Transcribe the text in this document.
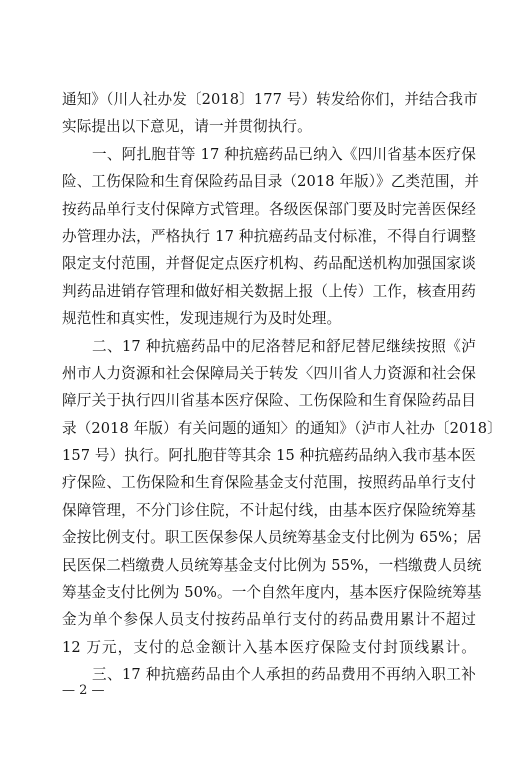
通知》（川人社办发〔2018〕177 号）转发给你们，并结合我市
实际提出以下意见，请一并贯彻执行。
一、阿扎胞苷等 17 种抗癌药品已纳入《四川省基本医疗保
险、工伤保险和生育保险药品目录（2018 年版）》乙类范围，并
按药品单行支付保障方式管理。各级医保部门要及时完善医保经
办管理办法，严格执行 17 种抗癌药品支付标准，不得自行调整
限定支付范围，并督促定点医疗机构、药品配送机构加强国家谈
判药品进销存管理和做好相关数据上报（上传）工作，核查用药
规范性和真实性，发现违规行为及时处理。
二、17 种抗癌药品中的尼洛替尼和舒尼替尼继续按照《泸
州市人力资源和社会保障局关于转发〈四川省人力资源和社会保
障厅关于执行四川省基本医疗保险、工伤保险和生育保险药品目
录（2018 年版）有关问题的通知〉的通知》（泸市人社办〔2018〕
157 号）执行。阿扎胞苷等其余 15 种抗癌药品纳入我市基本医
疗保险、工伤保险和生育保险基金支付范围，按照药品单行支付
保障管理，不分门诊住院，不计起付线，由基本医疗保险统筹基
金按比例支付。职工医保参保人员统筹基金支付比例为 65%；居
民医保二档缴费人员统筹基金支付比例为 55%，一档缴费人员统
筹基金支付比例为 50%。一个自然年度内，基本医疗保险统筹基
金为单个参保人员支付按药品单行支付的药品费用累计不超过
12 万元，支付的总金额计入基本医疗保险支付封顶线累计。
三、17 种抗癌药品由个人承担的药品费用不再纳入职工补
— 2 —
